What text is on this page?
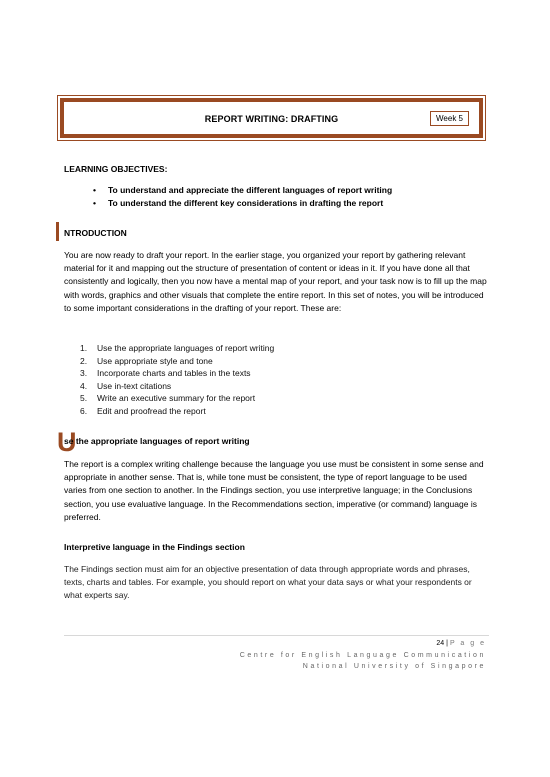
REPORT WRITING: DRAFTING	Week 5
LEARNING OBJECTIVES:
• To understand and appreciate the different languages of report writing
• To understand the different key considerations in drafting the report
NTRODUCTION

You are now ready to draft your report. In the earlier stage, you organized your report by gathering relevant material for it and mapping out the structure of presentation of content or ideas in it. If you have done all that consistently and logically, then you now have a mental map of your report, and your task now is to fill up the map with words, graphics and other visuals that complete the entire report. In this set of notes, you will be introduced to some important considerations in the drafting of your report. These are:

1. Use the appropriate languages of report writing
2. Use appropriate style and tone
3. Incorporate charts and tables in the texts
4. Use in-text citations
5. Write an executive summary for the report
6. Edit and proofread the report
U
se the appropriate languages of report writing

The report is a complex writing challenge because the language you use must be consistent in some sense and appropriate in another sense. That is, while tone must be consistent, the type of report language to be used varies from one section to another. In the Findings section, you use interpretive language; in the Conclusions section, you use evaluative language. In the Recommendations section, imperative (or command) language is preferred.

Interpretive language in the Findings section

The Findings section must aim for an objective presentation of data through appropriate words and phrases, texts, charts and tables. For example, you should report on what your data says or what your respondents or what experts say.

24 | P a g e
Centre for English Language Communication
National University of Singapore
